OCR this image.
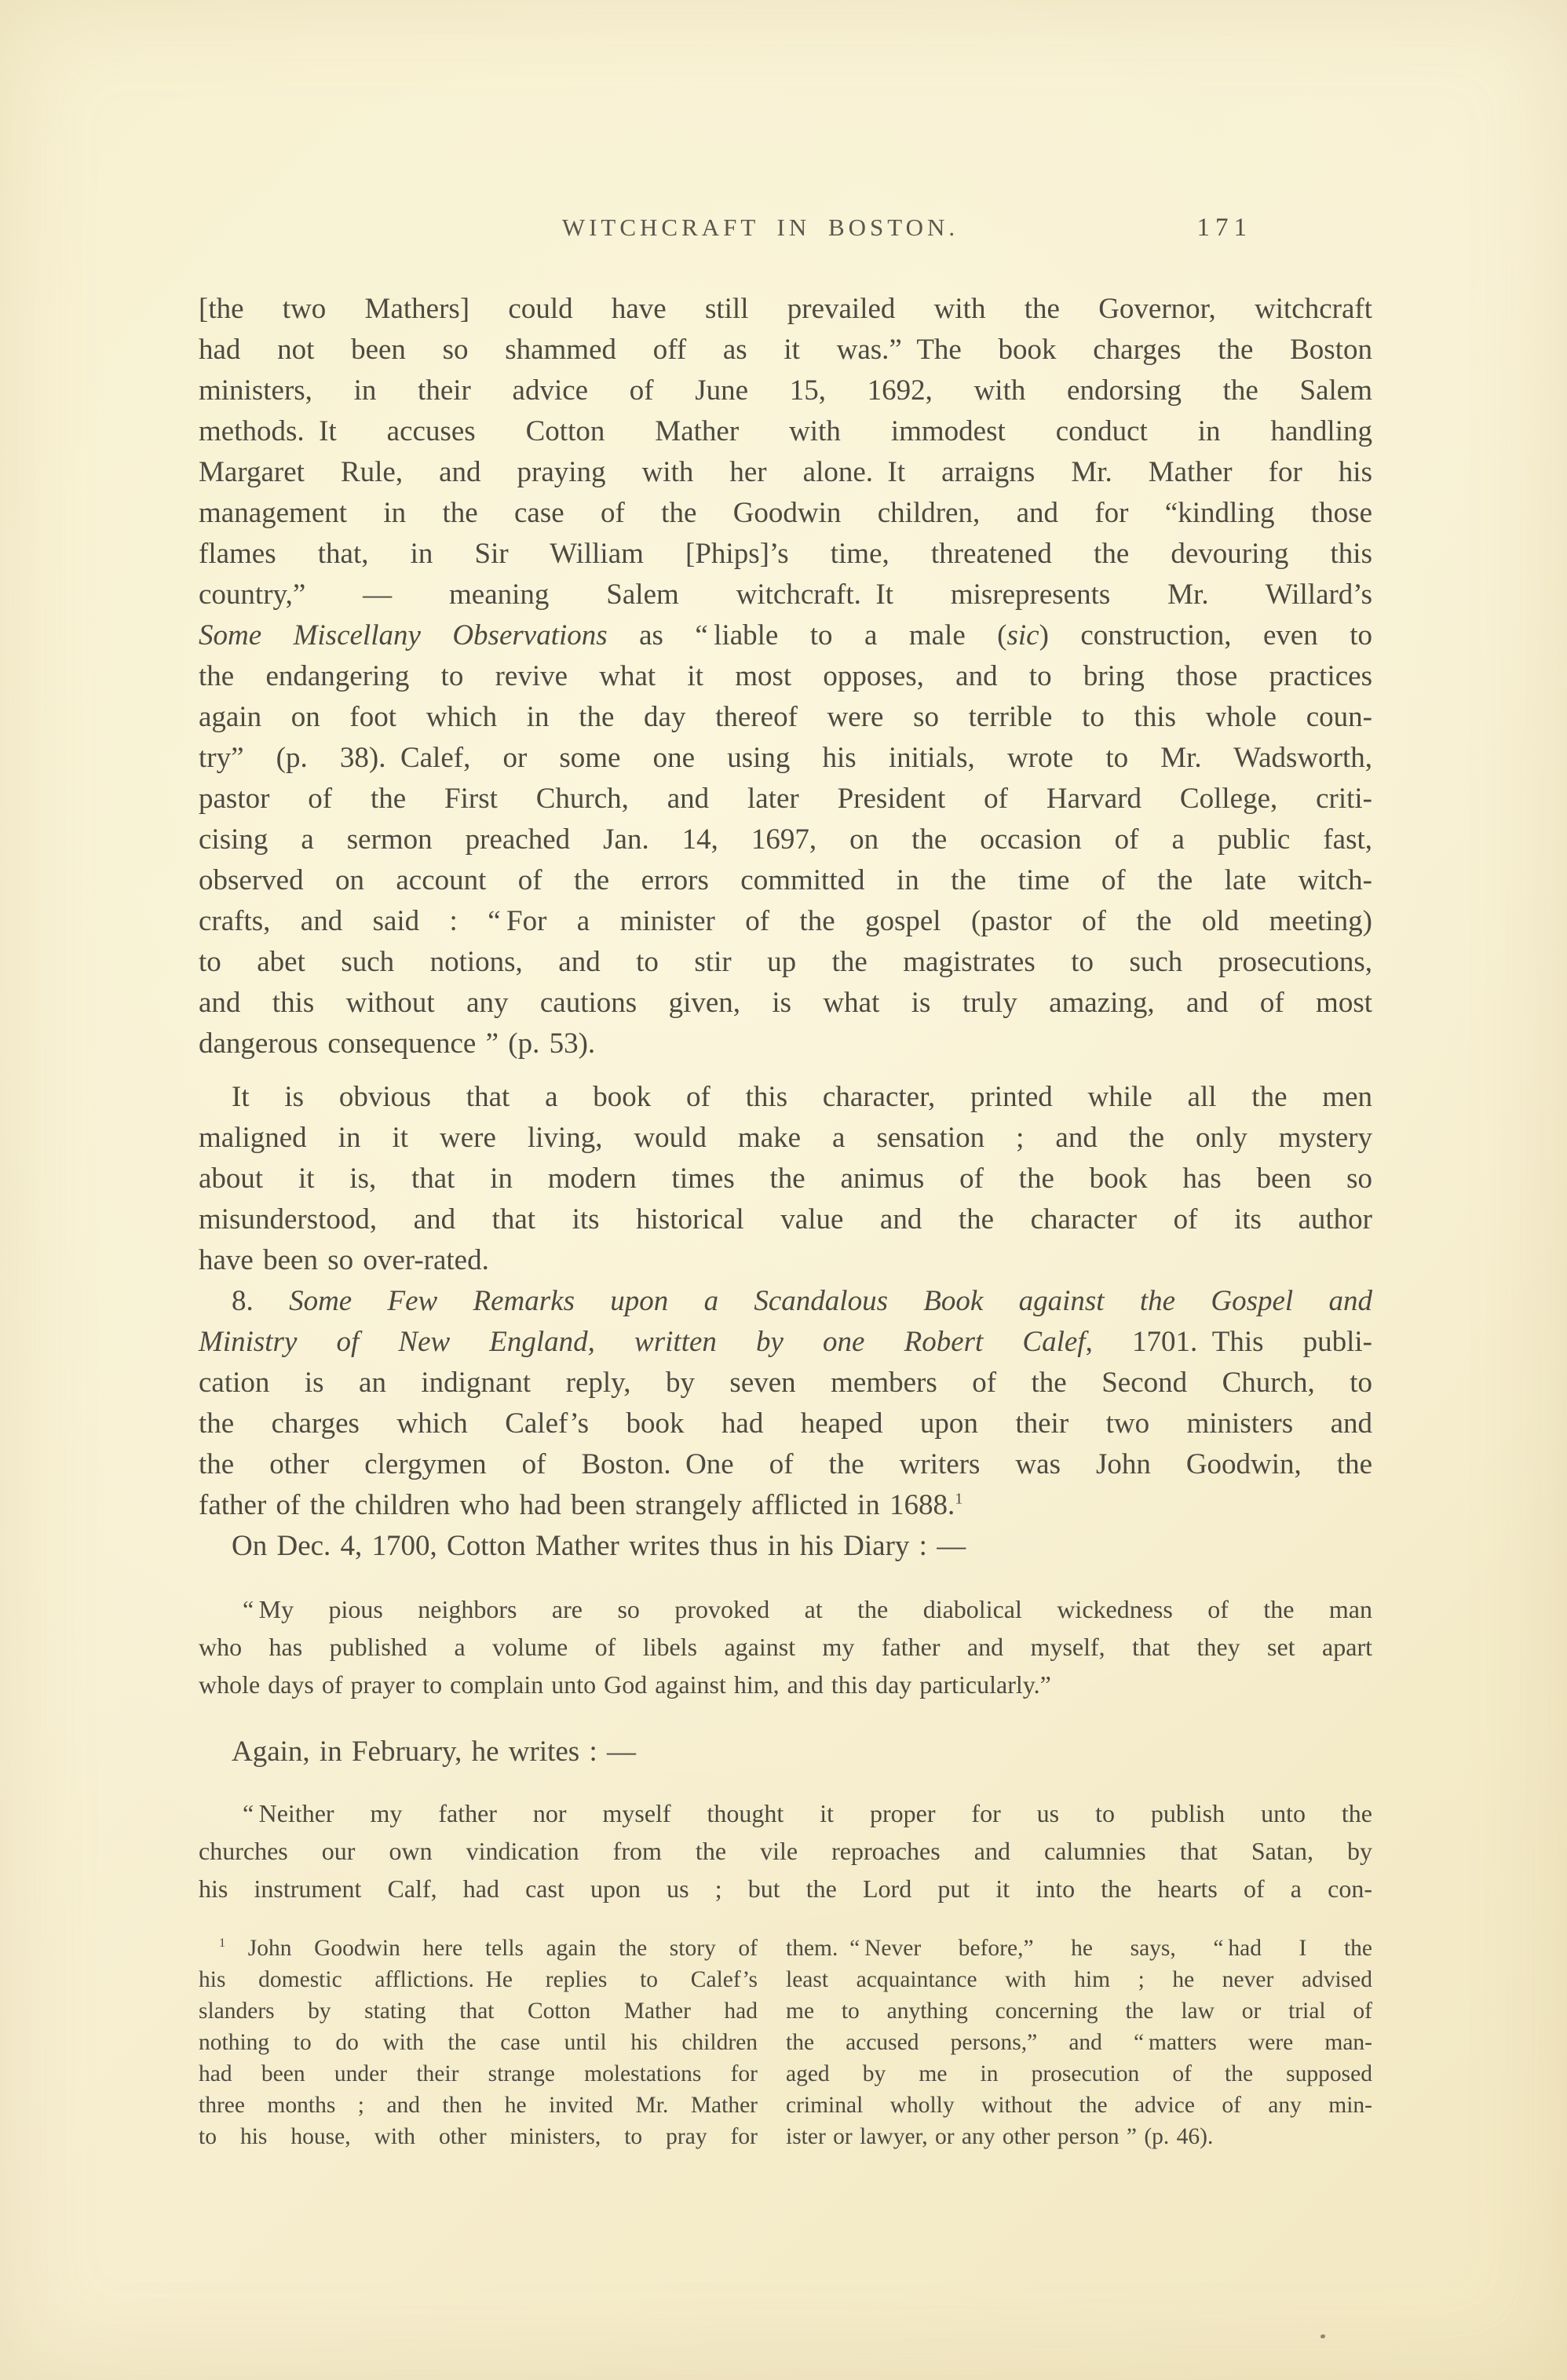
WITCHCRAFT IN BOSTON.	171
[the two Mathers] could have still prevailed with the Governor, witchcraft
had not been so shammed off as it was.” The book charges the Boston
ministers, in their advice of June 15, 1692, with endorsing the Salem
methods. It accuses Cotton Mather with immodest conduct in handling
Margaret Rule, and praying with her alone. It arraigns Mr. Mather for his
management in the case of the Goodwin children, and for “kindling those
flames that, in Sir William [Phips]’s time, threatened the devouring this
country,” — meaning Salem witchcraft. It misrepresents Mr. Willard’s
Some Miscellany Observations as “ liable to a male (sic) construction, even to
the endangering to revive what it most opposes, and to bring those practices
again on foot which in the day thereof were so terrible to this whole coun-
try” (p. 38). Calef, or some one using his initials, wrote to Mr. Wadsworth,
pastor of the First Church, and later President of Harvard College, criti-
cising a sermon preached Jan. 14, 1697, on the occasion of a public fast,
observed on account of the errors committed in the time of the late witch-
crafts, and said : “ For a minister of the gospel (pastor of the old meeting)
to abet such notions, and to stir up the magistrates to such prosecutions,
and this without any cautions given, is what is truly amazing, and of most
dangerous consequence ” (p. 53).
It is obvious that a book of this character, printed while all the men
maligned in it were living, would make a sensation ; and the only mystery
about it is, that in modern times the animus of the book has been so
misunderstood, and that its historical value and the character of its author
have been so over-rated.
8. Some Few Remarks upon a Scandalous Book against the Gospel and
Ministry of New England, written by one Robert Calef, 1701. This publi-
cation is an indignant reply, by seven members of the Second Church, to
the charges which Calef’s book had heaped upon their two ministers and
the other clergymen of Boston. One of the writers was John Goodwin, the
father of the children who had been strangely afflicted in 1688.$^1$
On Dec. 4, 1700, Cotton Mather writes thus in his Diary : —
“ My pious neighbors are so provoked at the diabolical wickedness of the man
who has published a volume of libels against my father and myself, that they set apart
whole days of prayer to complain unto God against him, and this day particularly.”
Again, in February, he writes : —
“ Neither my father nor myself thought it proper for us to publish unto the
churches our own vindication from the vile reproaches and calumnies that Satan, by
his instrument Calf, had cast upon us ; but the Lord put it into the hearts of a con-
$^1$ John Goodwin here tells again the story of
his domestic afflictions. He replies to Calef’s
slanders by stating that Cotton Mather had
nothing to do with the case until his children
had been under their strange molestations for
three months ; and then he invited Mr. Mather
to his house, with other ministers, to pray for
them. “ Never before,” he says, “ had I the
least acquaintance with him ; he never advised
me to anything concerning the law or trial of
the accused persons,” and “ matters were man-
aged by me in prosecution of the supposed
criminal wholly without the advice of any min-
ister or lawyer, or any other person ” (p. 46).
